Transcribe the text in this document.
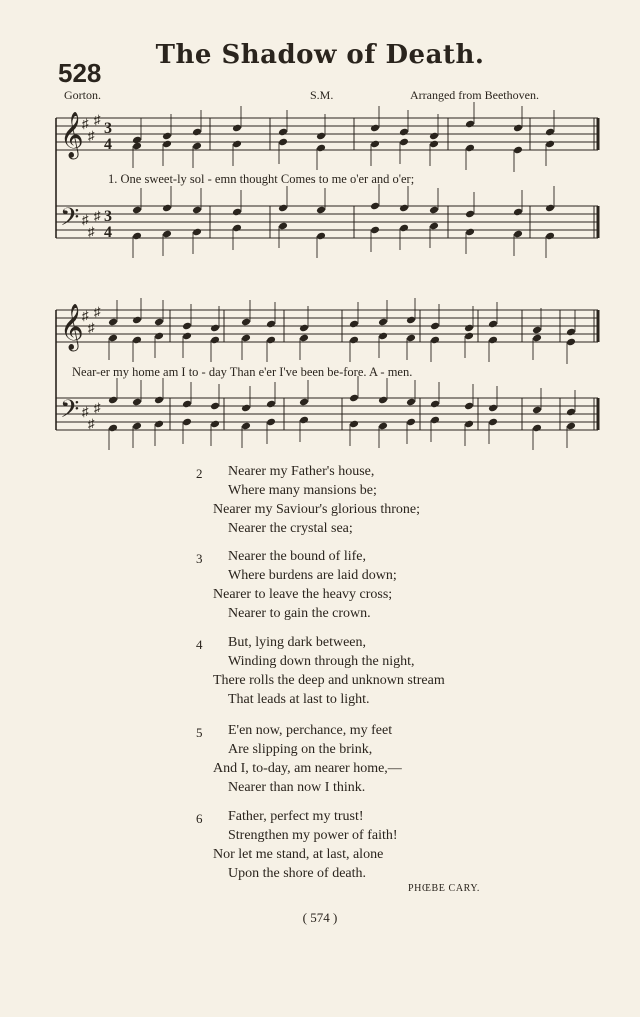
The Shadow of Death.
528
Gorton.	S.M.	Arranged from Beethoven.
𝄞
𝄢
♯
♯
♯
♯
♯
♯
3
4
3
4
𝄞
𝄢
♯
♯
♯
♯
♯
♯
1. One sweet-ly sol - emn thought Comes to me o'er and o'er;
Near-er my home am I to - day Than e'er I've been be-fore. A - men.
2 Nearer my Father's house,
Where many mansions be;
Nearer my Saviour's glorious throne;
Nearer the crystal sea;
3 Nearer the bound of life,
Where burdens are laid down;
Nearer to leave the heavy cross;
Nearer to gain the crown.
4 But, lying dark between,
Winding down through the night,
There rolls the deep and unknown stream
That leads at last to light.
5 E'en now, perchance, my feet
Are slipping on the brink,
And I, to-day, am nearer home,—
Nearer than now I think.
6 Father, perfect my trust!
Strengthen my power of faith!
Nor let me stand, at last, alone
Upon the shore of death.
PHŒBE CARY.
( 574 )
